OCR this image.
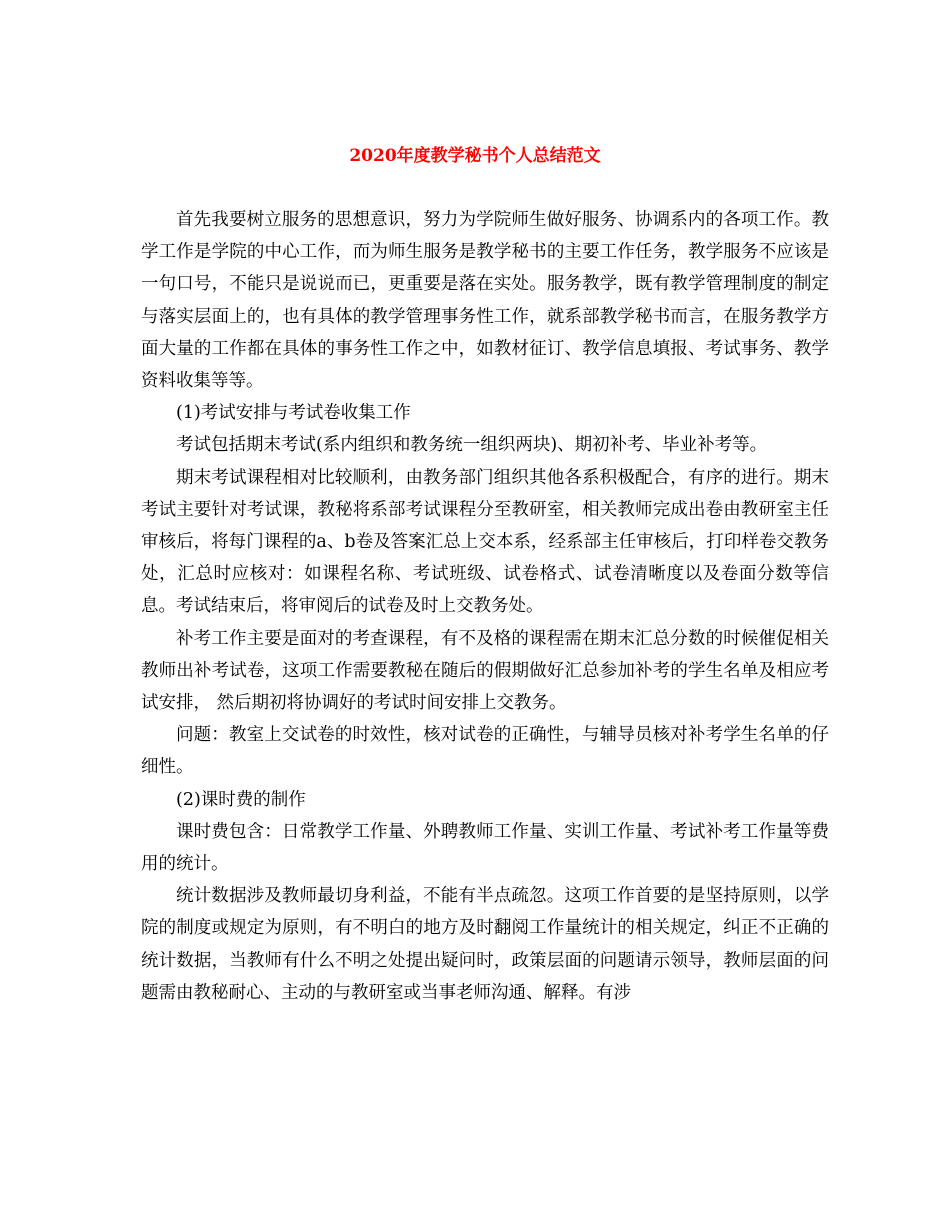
2020年度教学秘书个人总结范文

首先我要树立服务的思想意识，努力为学院师生做好服务、协调系内的各项工作。教学工作是学院的中心工作，而为师生服务是教学秘书的主要工作任务，教学服务不应该是一句口号，不能只是说说而已，更重要是落在实处。服务教学，既有教学管理制度的制定与落实层面上的，也有具体的教学管理事务性工作，就系部教学秘书而言，在服务教学方面大量的工作都在具体的事务性工作之中，如教材征订、教学信息填报、考试事务、教学资料收集等等。

(1)考试安排与考试卷收集工作

考试包括期末考试(系内组织和教务统一组织两块)、期初补考、毕业补考等。

期末考试课程相对比较顺利，由教务部门组织其他各系积极配合，有序的进行。期末考试主要针对考试课，教秘将系部考试课程分至教研室，相关教师完成出卷由教研室主任审核后，将每门课程的a、b卷及答案汇总上交本系，经系部主任审核后，打印样卷交教务处，汇总时应核对：如课程名称、考试班级、试卷格式、试卷清晰度以及卷面分数等信息。考试结束后，将审阅后的试卷及时上交教务处。

补考工作主要是面对的考查课程，有不及格的课程需在期末汇总分数的时候催促相关教师出补考试卷，这项工作需要教秘在随后的假期做好汇总参加补考的学生名单及相应考试安排， 然后期初将协调好的考试时间安排上交教务。

问题：教室上交试卷的时效性，核对试卷的正确性，与辅导员核对补考学生名单的仔细性。

(2)课时费的制作

课时费包含：日常教学工作量、外聘教师工作量、实训工作量、考试补考工作量等费用的统计。

统计数据涉及教师最切身利益，不能有半点疏忽。这项工作首要的是坚持原则，以学院的制度或规定为原则，有不明白的地方及时翻阅工作量统计的相关规定，纠正不正确的统计数据，当教师有什么不明之处提出疑问时，政策层面的问题请示领导，教师层面的问题需由教秘耐心、主动的与教研室或当事老师沟通、解释。有涉
